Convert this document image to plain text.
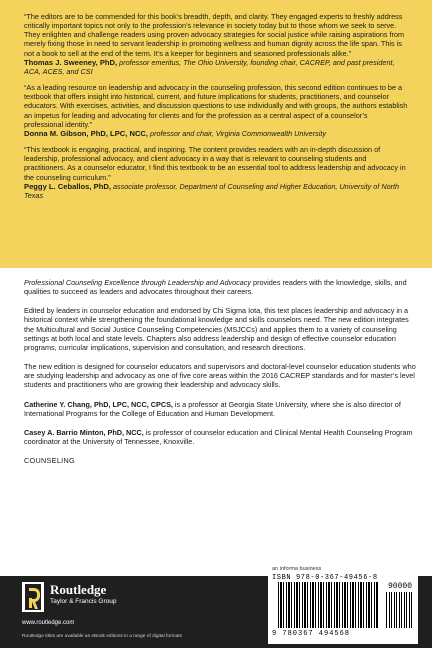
“The editors are to be commended for this book’s breadth, depth, and clarity. They engaged experts to freshly address critically important topics not only to the profession’s relevance in society today but to those whom we seek to serve. They enlighten and challenge readers using proven advocacy strategies for social justice while raising aspirations from merely fixing those in need to servant leadership in promoting wellness and human dignity across the life span. This is not a book to sell at the end of the term. It’s a keeper for beginners and seasoned professionals alike.”
Thomas J. Sweeney, PhD, professor emeritus, The Ohio University, founding chair, CACREP, and past president, ACA, ACES, and CSI

“As a leading resource on leadership and advocacy in the counseling profession, this second edition continues to be a textbook that offers insight into historical, current, and future implications for students, practitioners, and counselor educators. With exercises, activities, and discussion questions to use individually and with groups, the authors establish an impetus for leading and advocating for clients and for the profession as a central aspect of a counselor’s professional identity.”
Donna M. Gibson, PhD, LPC, NCC, professor and chair, Virginia Commonwealth University

“This textbook is engaging, practical, and inspiring. The content provides readers with an in-depth discussion of leadership, professional advocacy, and client advocacy in a way that is relevant to counseling students and practitioners. As a counselor educator, I find this textbook to be an essential tool to address leadership and advocacy in the counseling curriculum.”
Peggy L. Ceballos, PhD, associate professor, Department of Counseling and Higher Education, University of North Texas

Professional Counseling Excellence through Leadership and Advocacy provides readers with the knowledge, skills, and qualities to succeed as leaders and advocates throughout their careers.

Edited by leaders in counselor education and endorsed by Chi Sigma Iota, this text places leadership and advocacy in a historical context while strengthening the foundational knowledge and skills counselors need. The new edition integrates the Multicultural and Social Justice Counseling Competencies (MSJCCs) and applies them to a variety of counseling settings at both local and state levels. Chapters also address leadership and design of effective counselor education programs, curricular implications, supervision and consultation, and research directions.

The new edition is designed for counselor educators and supervisors and doctoral-level counselor education students who are studying leadership and advocacy as one of five core areas within the 2016 CACREP standards and for master’s level students and practitioners who are growing their leadership and advocacy skills.

Catherine Y. Chang, PhD, LPC, NCC, CPCS, is a professor at Georgia State University, where she is also director of International Programs for the College of Education and Human Development.

Casey A. Barrio Minton, PhD, NCC, is professor of counselor education and Clinical Mental Health Counseling Program coordinator at the University of Tennessee, Knoxville.

COUNSELING

Routledge
Taylor & Francis Group
www.routledge.com
Routledge titles are available as eBook editions in a range of digital formats
an informa business
ISBN 978-0-367-49456-8
90000
9 780367 494568
